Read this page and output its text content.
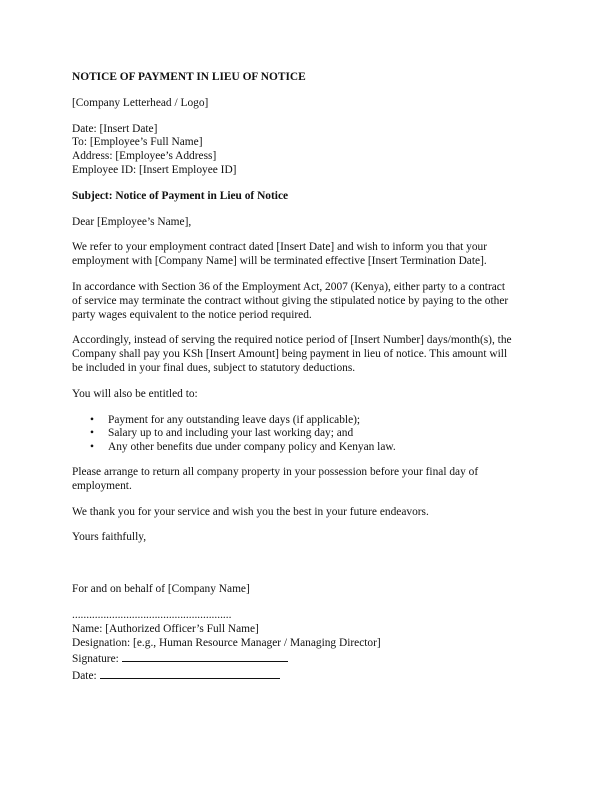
NOTICE OF PAYMENT IN LIEU OF NOTICE
[Company Letterhead / Logo]
Date: [Insert Date]
To: [Employee’s Full Name]
Address: [Employee’s Address]
Employee ID: [Insert Employee ID]
Subject: Notice of Payment in Lieu of Notice
Dear [Employee’s Name],
We refer to your employment contract dated [Insert Date] and wish to inform you that your
employment with [Company Name] will be terminated effective [Insert Termination Date].
In accordance with Section 36 of the Employment Act, 2007 (Kenya), either party to a contract
of service may terminate the contract without giving the stipulated notice by paying to the other
party wages equivalent to the notice period required.
Accordingly, instead of serving the required notice period of [Insert Number] days/month(s), the
Company shall pay you KSh [Insert Amount] being payment in lieu of notice. This amount will
be included in your final dues, subject to statutory deductions.
You will also be entitled to:
• Payment for any outstanding leave days (if applicable);
• Salary up to and including your last working day; and
• Any other benefits due under company policy and Kenyan law.
Please arrange to return all company property in your possession before your final day of
employment.
We thank you for your service and wish you the best in your future endeavors.
Yours faithfully,
For and on behalf of [Company Name]
........................................................
Name: [Authorized Officer’s Full Name]
Designation: [e.g., Human Resource Manager / Managing Director]
Signature:
Date:
